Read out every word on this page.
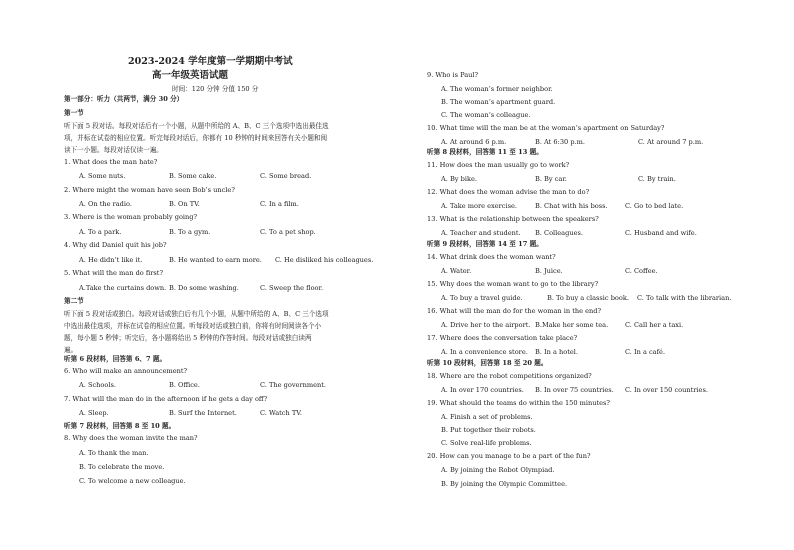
2023-2024 学年度第一学期期中考试
高一年级英语试题
时间：120 分钟 分值 150 分
第一部分：听力（共两节，满分 30 分）
第一节
听下面 5 段对话。每段对话后有一个小题，从题中所给的 A、B、C 三个选项中选出最佳选
项，并标在试卷的相应位置。听完每段对话后，你都有 10 秒钟的时间来回答有关小题和阅
读下一小题。每段对话仅读一遍。
1. What does the man hate?
A. Some nuts.	B. Some cake.	C. Some bread.
2. Where might the woman have seen Bob’s uncle?
A. On the radio.	B. On TV.	C. In a film.
3. Where is the woman probably going?
A. To a park.	B. To a gym.	C. To a pet shop.
4. Why did Daniel quit his job?
A. He didn’t like it.	B. He wanted to earn more. C. He disliked his colleagues.
5. What will the man do first?
A.Take the curtains down. B. Do some washing.	C. Sweep the floor.
第二节
听下面 5 段对话或独白。每段对话或独白后有几个小题，从题中所给的 A、B、C 三个选项
中选出最佳选项，并标在试卷的相应位置。听每段对话或独白前，你将有时间阅读各个小
题，每小题 5 秒钟；听完后，各小题将给出 5 秒钟的作答时间。每段对话或独白读两
遍。
听第 6 段材料，回答第 6、7 题。
6. Who will make an announcement?
A. Schools.	B. Office.	C. The government.
7. What will the man do in the afternoon if he gets a day off?
A. Sleep.	B. Surf the Internet.	C. Watch TV.
听第 7 段材料，回答第 8 至 10 题。
8. Why does the woman invite the man?
A. To thank the man.
B. To celebrate the move.
C. To welcome a new colleague.
9. Who is Paul?
A. The woman’s former neighbor.
B. The woman’s apartment guard.
C. The woman’s colleague.
10. What time will the man be at the woman’s apartment on Saturday?
A. At around 6 p.m.	B. At 6:30 p.m.	C. At around 7 p.m.
听第 8 段材料，回答第 11 至 13 题。
11. How does the man usually go to work?
A. By bike.	B. By car.	C. By train.
12. What does the woman advise the man to do?
A. Take more exercise.	B. Chat with his boss.	C. Go to bed late.
13. What is the relationship between the speakers?
A. Teacher and student. B. Colleagues.	C. Husband and wife.
听第 9 段材料，回答第 14 至 17 题。
14. What drink does the woman want?
A. Water.	B. Juice.	C. Coffee.
15. Why does the woman want to go to the library?
A. To buy a travel guide.	B. To buy a classic book. C. To talk with the librarian.
16. What will the man do for the woman in the end?
A. Drive her to the airport. B.Make her some tea.	C. Call her a taxi.
17. Where does the conversation take place?
A. In a convenience store. B. In a hotel.	C. In a café.
听第 10 段材料，回答第 18 至 20 题。
18. Where are the robot competitions organized?
A. In over 170 countries. B. In over 75 countries. C. In over 150 countries.
19. What should the teams do within the 150 minutes?
A. Finish a set of problems.
B. Put together their robots.
C. Solve real-life problems.
20. How can you manage to be a part of the fun?
A. By joining the Robot Olympiad.
B. By joining the Olympic Committee.
